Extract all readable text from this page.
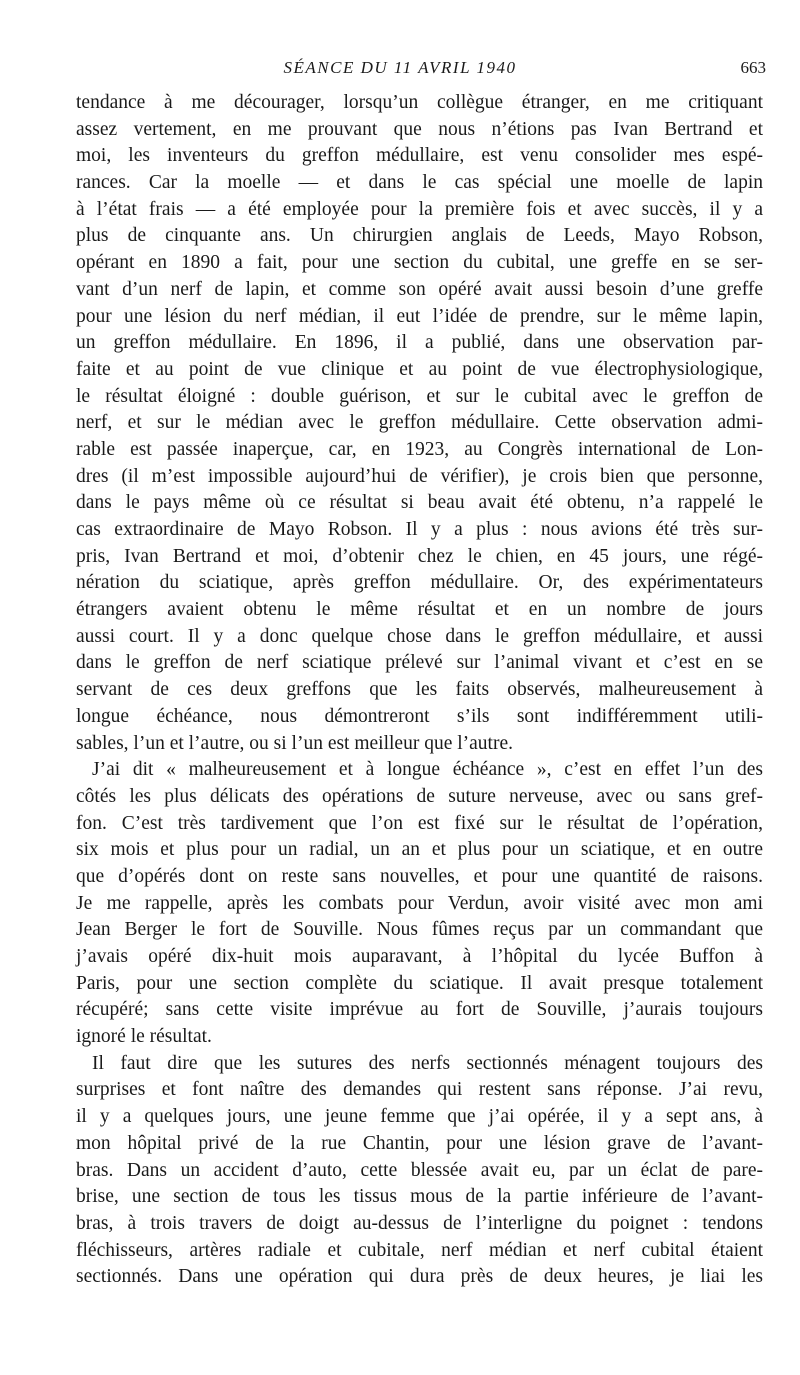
SÉANCE DU 11 AVRIL 1940	663
tendance à me décourager, lorsqu’un collègue étranger, en me critiquant
assez vertement, en me prouvant que nous n’étions pas Ivan Bertrand et
moi, les inventeurs du greffon médullaire, est venu consolider mes espé-
rances. Car la moelle — et dans le cas spécial une moelle de lapin
à l’état frais — a été employée pour la première fois et avec succès, il y a
plus de cinquante ans. Un chirurgien anglais de Leeds, Mayo Robson,
opérant en 1890 a fait, pour une section du cubital, une greffe en se ser-
vant d’un nerf de lapin, et comme son opéré avait aussi besoin d’une greffe
pour une lésion du nerf médian, il eut l’idée de prendre, sur le même lapin,
un greffon médullaire. En 1896, il a publié, dans une observation par-
faite et au point de vue clinique et au point de vue électrophysiologique,
le résultat éloigné : double guérison, et sur le cubital avec le greffon de
nerf, et sur le médian avec le greffon médullaire. Cette observation admi-
rable est passée inaperçue, car, en 1923, au Congrès international de Lon-
dres (il m’est impossible aujourd’hui de vérifier), je crois bien que personne,
dans le pays même où ce résultat si beau avait été obtenu, n’a rappelé le
cas extraordinaire de Mayo Robson. Il y a plus : nous avions été très sur-
pris, Ivan Bertrand et moi, d’obtenir chez le chien, en 45 jours, une régé-
nération du sciatique, après greffon médullaire. Or, des expérimentateurs
étrangers avaient obtenu le même résultat et en un nombre de jours
aussi court. Il y a donc quelque chose dans le greffon médullaire, et aussi
dans le greffon de nerf sciatique prélevé sur l’animal vivant et c’est en se
servant de ces deux greffons que les faits observés, malheureusement à
longue échéance, nous démontreront s’ils sont indifféremment utili-
sables, l’un et l’autre, ou si l’un est meilleur que l’autre.
J’ai dit « malheureusement et à longue échéance », c’est en effet l’un des
côtés les plus délicats des opérations de suture nerveuse, avec ou sans gref-
fon. C’est très tardivement que l’on est fixé sur le résultat de l’opération,
six mois et plus pour un radial, un an et plus pour un sciatique, et en outre
que d’opérés dont on reste sans nouvelles, et pour une quantité de raisons.
Je me rappelle, après les combats pour Verdun, avoir visité avec mon ami
Jean Berger le fort de Souville. Nous fûmes reçus par un commandant que
j’avais opéré dix-huit mois auparavant, à l’hôpital du lycée Buffon à
Paris, pour une section complète du sciatique. Il avait presque totalement
récupéré; sans cette visite imprévue au fort de Souville, j’aurais toujours
ignoré le résultat.
Il faut dire que les sutures des nerfs sectionnés ménagent toujours des
surprises et font naître des demandes qui restent sans réponse. J’ai revu,
il y a quelques jours, une jeune femme que j’ai opérée, il y a sept ans, à
mon hôpital privé de la rue Chantin, pour une lésion grave de l’avant-
bras. Dans un accident d’auto, cette blessée avait eu, par un éclat de pare-
brise, une section de tous les tissus mous de la partie inférieure de l’avant-
bras, à trois travers de doigt au-dessus de l’interligne du poignet : tendons
fléchisseurs, artères radiale et cubitale, nerf médian et nerf cubital étaient
sectionnés. Dans une opération qui dura près de deux heures, je liai les
